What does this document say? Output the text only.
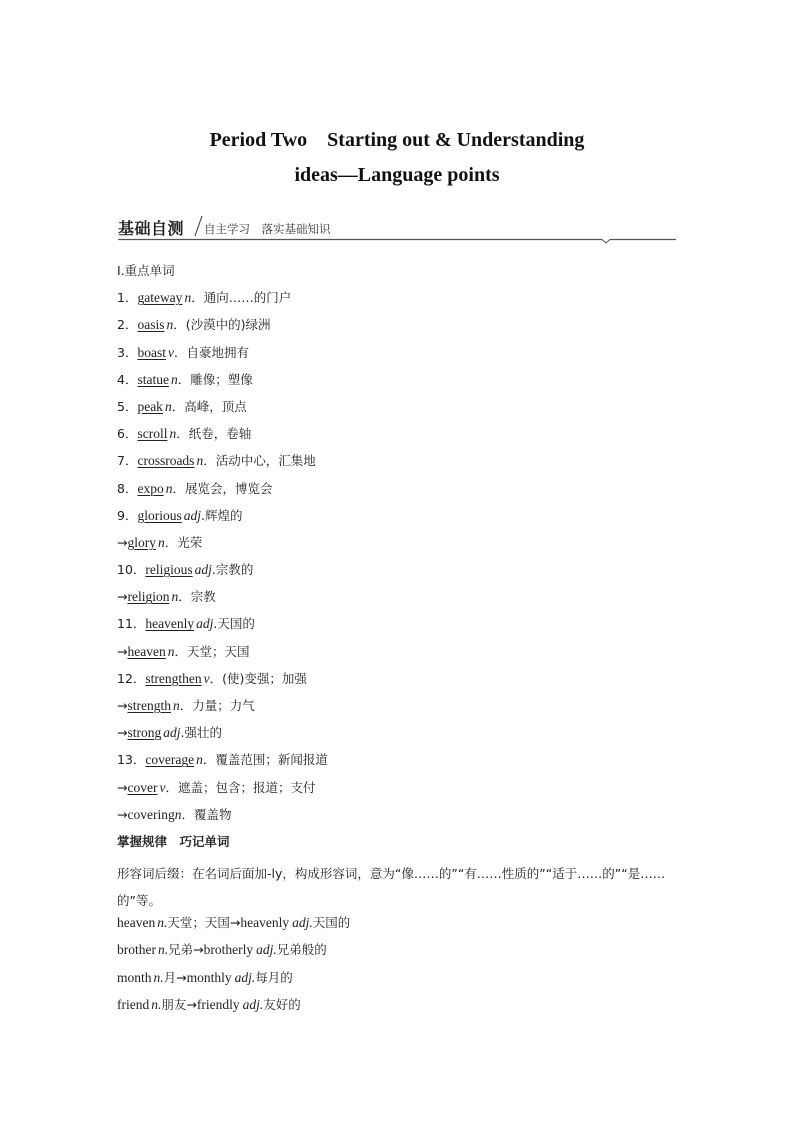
Period Two　Starting out & Understanding
ideas—Language points
基础自测 自主学习　落实基础知识
Ⅰ.重点单词
1．gateway n．通向……的门户
2．oasis n．(沙漠中的)绿洲
3．boast v．自豪地拥有
4．statue n．雕像；塑像
5．peak n．高峰，顶点
6．scroll n．纸卷，卷轴
7．crossroads n．活动中心，汇集地
8．expo n．展览会，博览会
9．glorious adj.辉煌的
→glory n．光荣
10．religious adj.宗教的
→religion n．宗教
11．heavenly adj.天国的
→heaven n．天堂；天国
12．strengthen v．(使)变强；加强
→strength n．力量；力气
→strong adj.强壮的
13．coverage n．覆盖范围；新闻报道
→cover v．遮盖；包含；报道；支付
→coveringn．覆盖物
掌握规律　巧记单词
形容词后缀：在名词后面加-ly，构成形容词，意为“像……的”“有……性质的”“适于……的”“是……的”等。
heaven n.天堂；天国→heavenly adj.天国的
brother n.兄弟→brotherly adj.兄弟般的
month n.月→monthly adj.每月的
friend n.朋友→friendly adj.友好的
